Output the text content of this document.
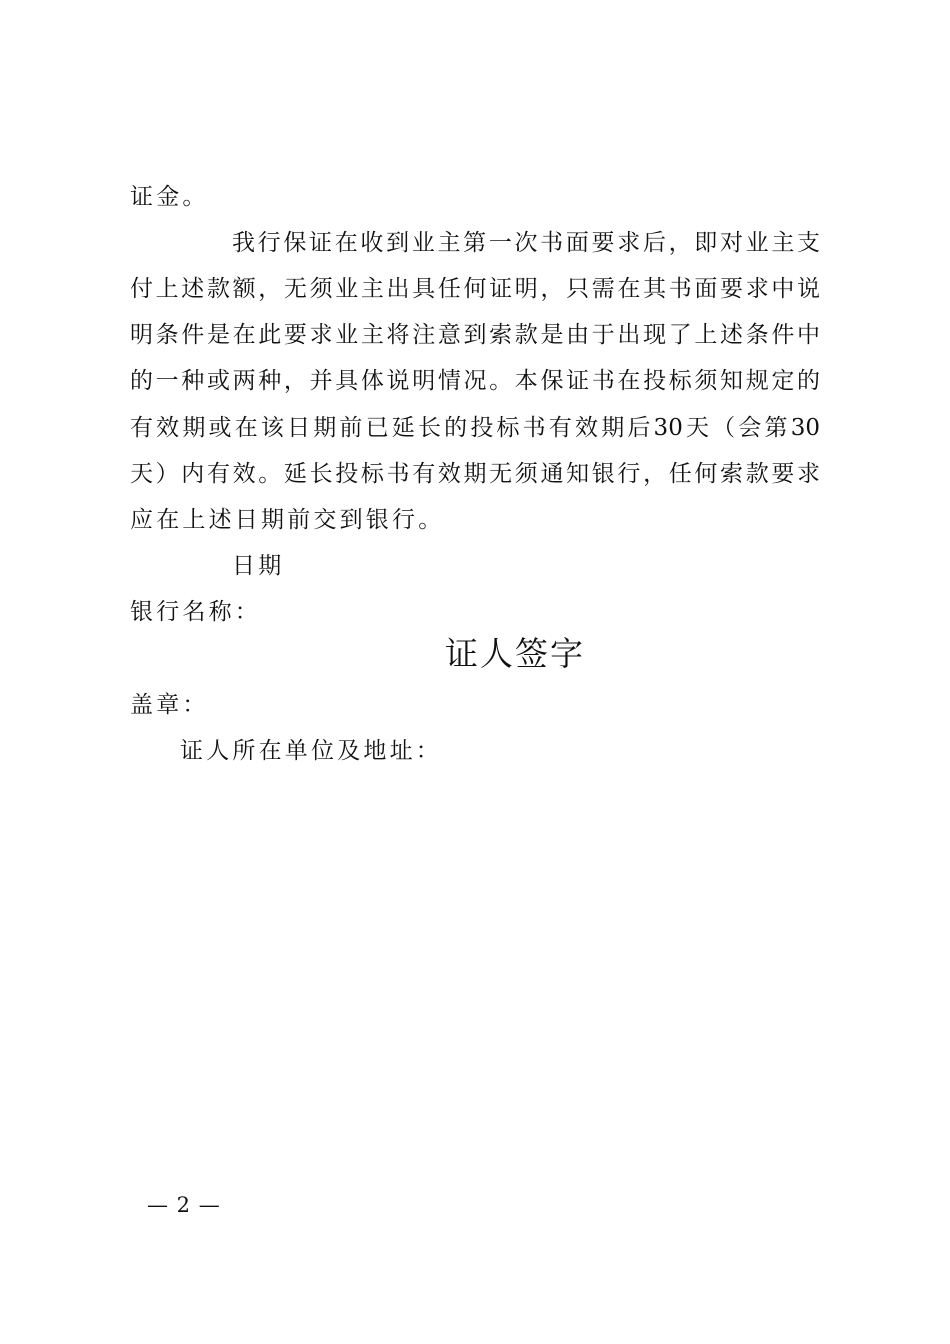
证金。
我行保证在收到业主第一次书面要求后，即对业主支
付上述款额，无须业主出具任何证明，只需在其书面要求中说
明条件是在此要求业主将注意到索款是由于出现了上述条件中
的一种或两种，并具体说明情况。本保证书在投标须知规定的
有效期或在该日期前已延长的投标书有效期后30天（会第30
天）内有效。延长投标书有效期无须通知银行，任何索款要求
应在上述日期前交到银行。
日期
银行名称：
证人签字
盖章：
证人所在单位及地址：
— 2 —
